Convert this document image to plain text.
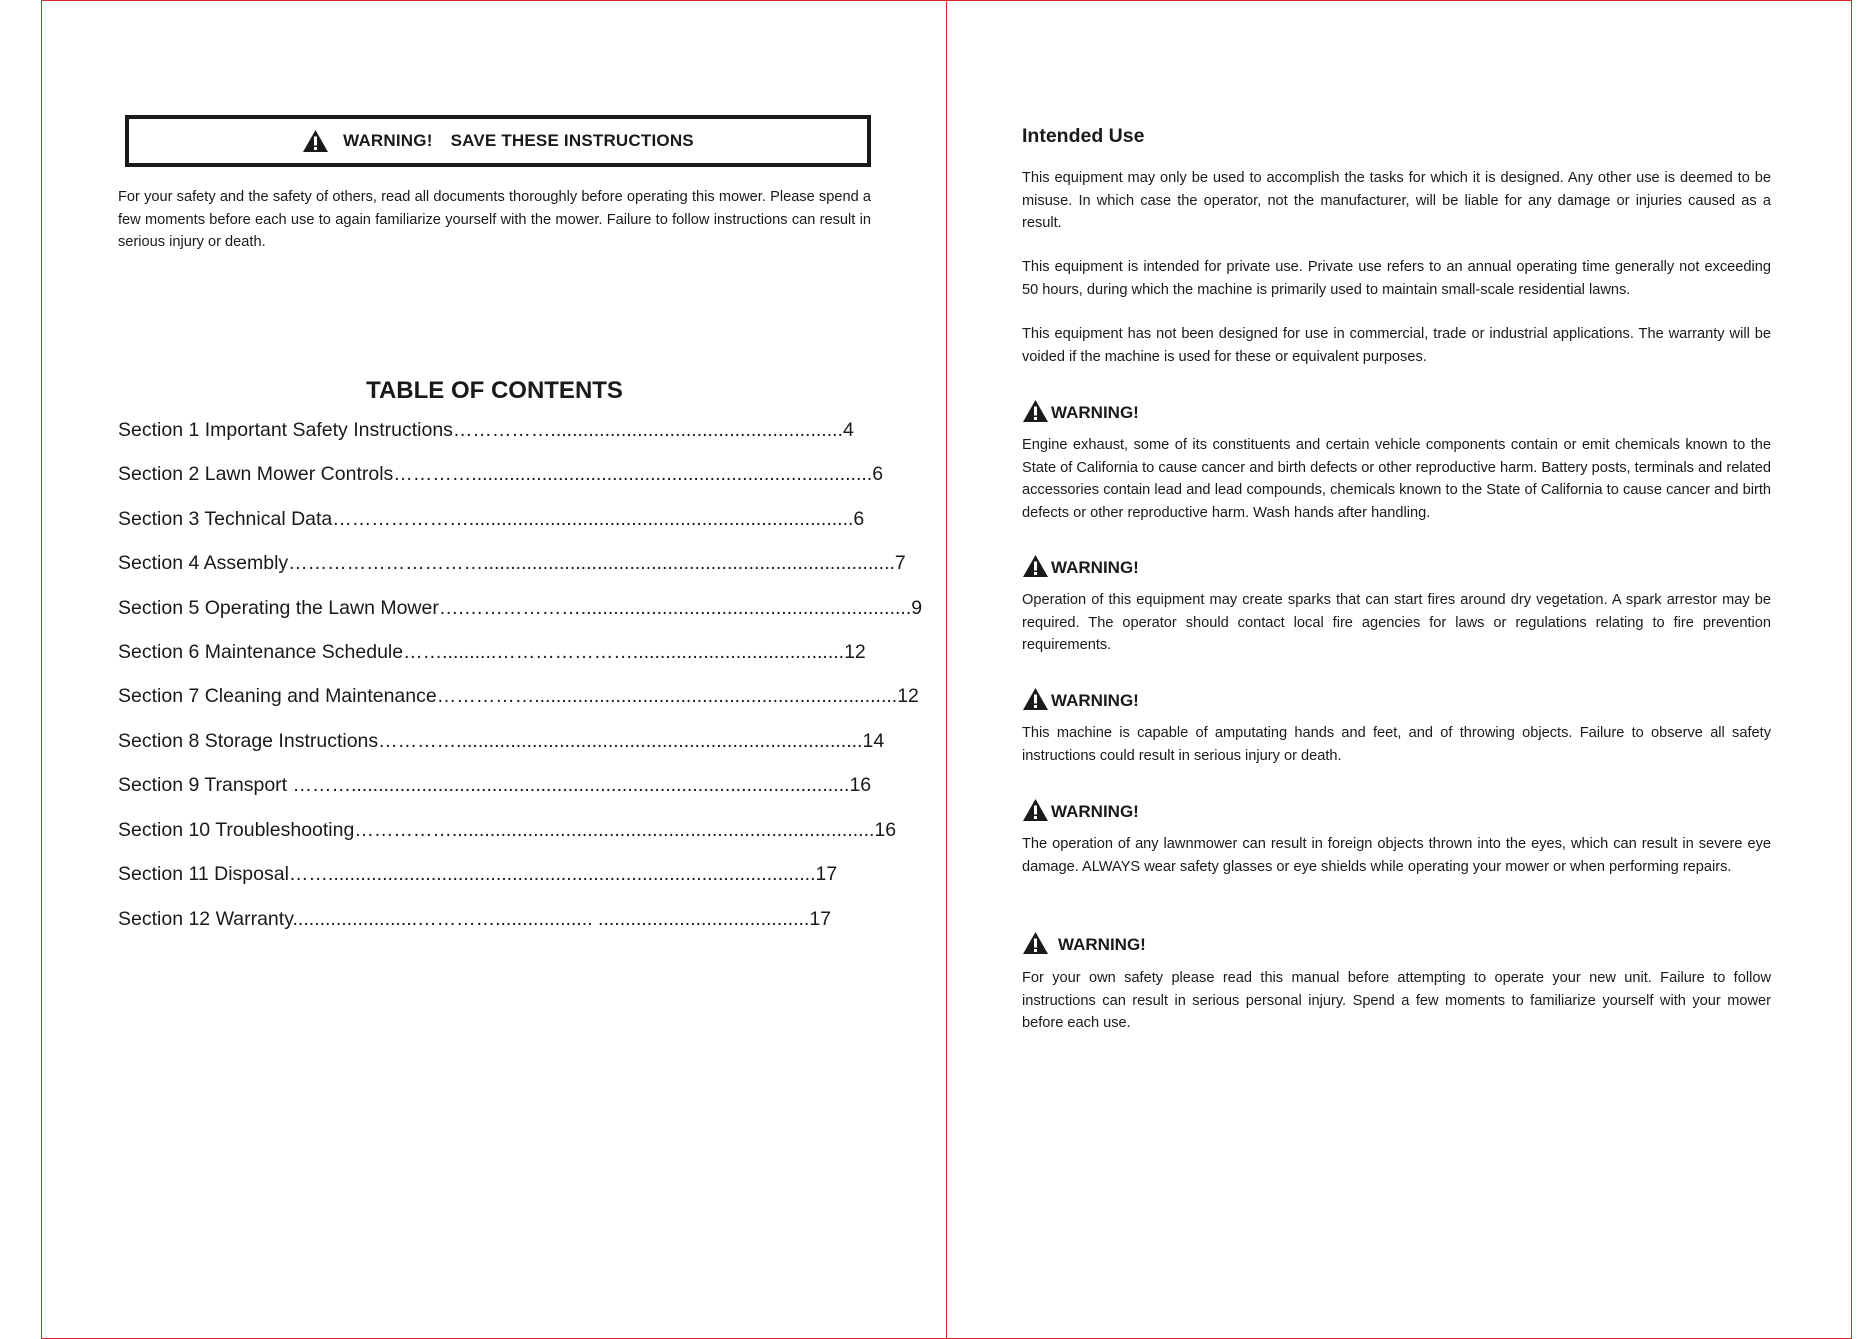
WARNING! SAVE THESE INSTRUCTIONS
For your safety and the safety of others, read all documents thoroughly before operating this mower. Please spend a few moments before each use to again familiarize yourself with the mower. Failure to follow instructions can result in serious injury or death.
TABLE OF CONTENTS
Section 1 Important Safety Instructions……………......................................................4
Section 2 Lawn Mower Controls…………..........................................................................6
Section 3 Technical Data………………….......................................................................6
Section 4 Assembly…………………………............................................................................7
Section 5 Operating the Lawn Mower….……………….............................................................9
Section 6 Maintenance Schedule……..........………………….......................................12
Section 7 Cleaning and Maintenance……………...................................................................12
Section 8 Storage Instructions…………...........................................................................14
Section 9 Transport ………............................................................................................16
Section 10 Troubleshooting……………..............................................................................16
Section 11 Disposal……..........................................................................................17
Section 12 Warranty.......................………….................. .......................................17
Intended Use
This equipment may only be used to accomplish the tasks for which it is designed. Any other use is deemed to be misuse. In which case the operator, not the manufacturer, will be liable for any damage or injuries caused as a result.
This equipment is intended for private use. Private use refers to an annual operating time generally not exceeding 50 hours, during which the machine is primarily used to maintain small-scale residential lawns.
This equipment has not been designed for use in commercial, trade or industrial applications. The warranty will be voided if the machine is used for these or equivalent purposes.
WARNING!
Engine exhaust, some of its constituents and certain vehicle components contain or emit chemicals known to the State of California to cause cancer and birth defects or other reproductive harm. Battery posts, terminals and related accessories contain lead and lead compounds, chemicals known to the State of California to cause cancer and birth defects or other reproductive harm. Wash hands after handling.
WARNING!
Operation of this equipment may create sparks that can start fires around dry vegetation. A spark arrestor may be required. The operator should contact local fire agencies for laws or regulations relating to fire prevention requirements.
WARNING!
This machine is capable of amputating hands and feet, and of throwing objects. Failure to observe all safety instructions could result in serious injury or death.
WARNING!
The operation of any lawnmower can result in foreign objects thrown into the eyes, which can result in severe eye damage. ALWAYS wear safety glasses or eye shields while operating your mower or when performing repairs.
WARNING!
For your own safety please read this manual before attempting to operate your new unit. Failure to follow instructions can result in serious personal injury. Spend a few moments to familiarize yourself with your mower before each use.
